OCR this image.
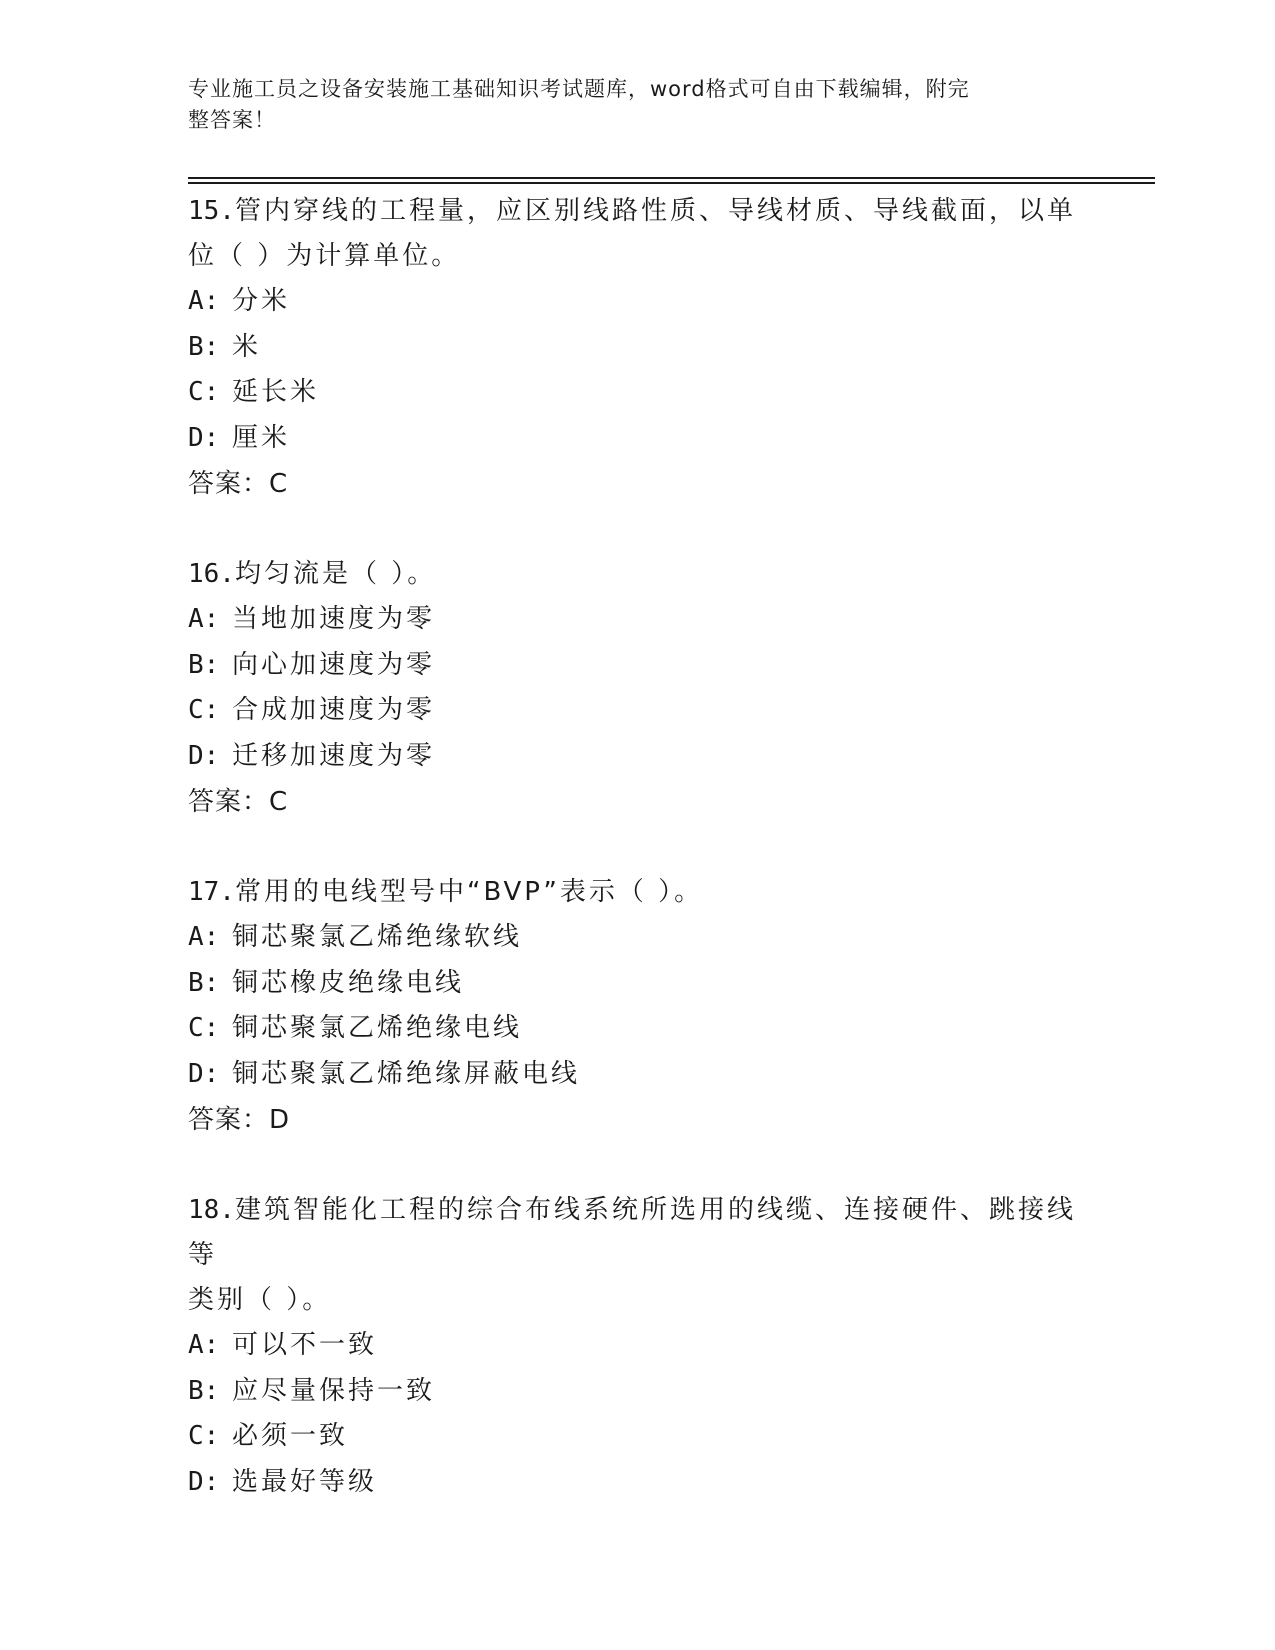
专业施工员之设备安装施工基础知识考试题库，word格式可自由下载编辑，附完
整答案！
15.管内穿线的工程量，应区别线路性质、导线材质、导线截面，以单
位（ ）为计算单位。
A: 分米
B: 米
C: 延长米
D: 厘米
答案：C
16.均匀流是（ ）。
A: 当地加速度为零
B: 向心加速度为零
C: 合成加速度为零
D: 迁移加速度为零
答案：C
17.常用的电线型号中“BVP”表示（ ）。
A: 铜芯聚氯乙烯绝缘软线
B: 铜芯橡皮绝缘电线
C: 铜芯聚氯乙烯绝缘电线
D: 铜芯聚氯乙烯绝缘屏蔽电线
答案：D
18.建筑智能化工程的综合布线系统所选用的线缆、连接硬件、跳接线等
类别（ ）。
A: 可以不一致
B: 应尽量保持一致
C: 必须一致
D: 选最好等级
